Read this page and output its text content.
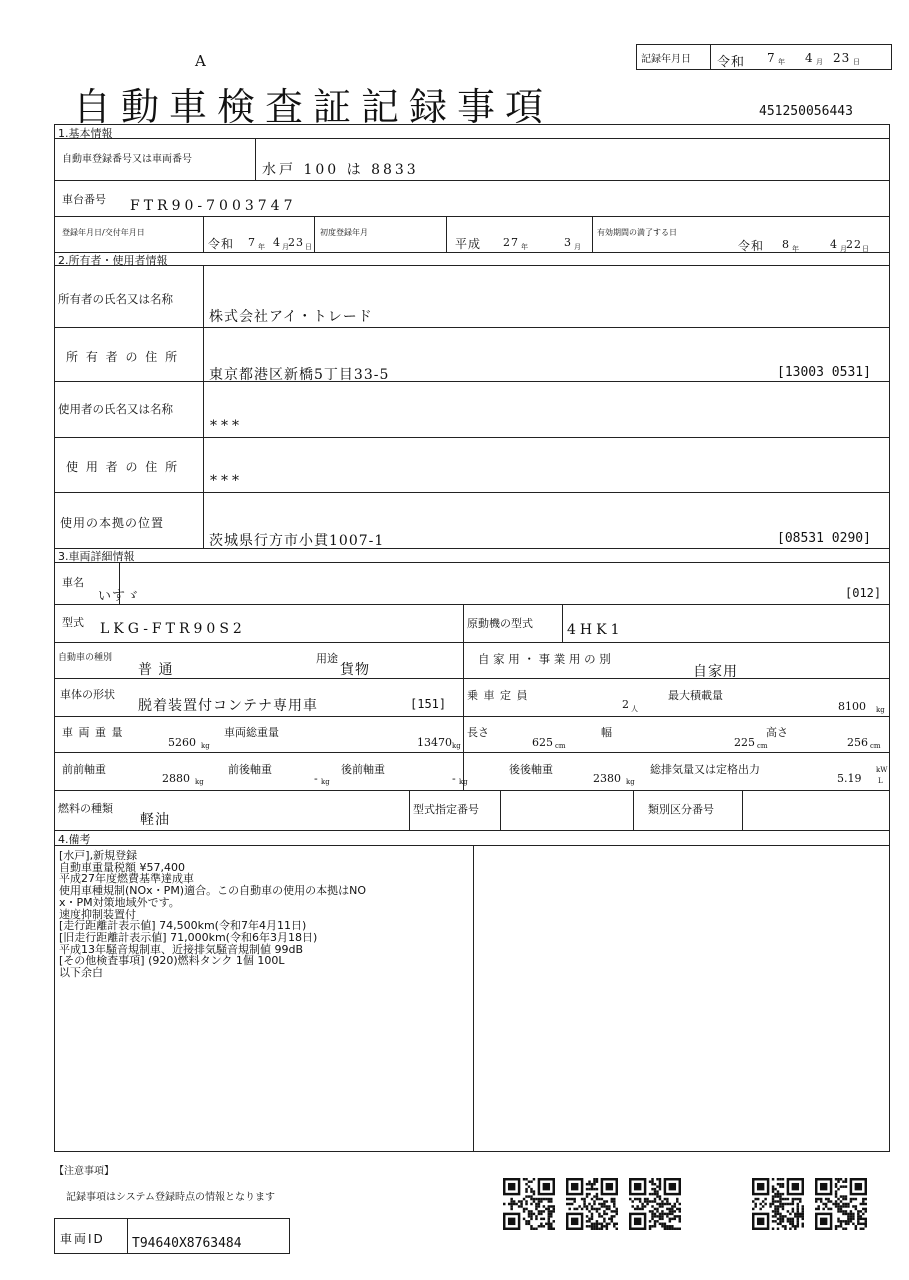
A
自動車検査証記録事項
記録年月日 令和 7 年 4 月 23 日
451250056443
1.基本情報
自動車登録番号又は車両番号
水戸 100 は 8833
車台番号 FTR90-7003747
登録年月日/交付年月日
令和 7 年 4 月 23 日
初度登録年月
平成 27 年	3 月
有効期間の満了する日
令和 8 年	4 月 22 日
2.所有者・使用者情報
所有者の氏名又は名称
株式会社アイ・トレード
所 有 者 の 住 所
東京都港区新橋5丁目33-5	[13003 0531]
使用者の氏名又は名称
***
使 用 者 の 住 所
***
使用の本拠の位置
茨城県行方市小貫1007-1	[08531 0290]
3.車両詳細情報
車名
いすゞ	[012]
型式 LKG-FTR90S2	原動機の型式 4HK1
自動車の種別
普 通
用途
貨物
自 家 用 ・ 事 業 用 の 別
自家用
車体の形状
脱着装置付コンテナ専用車	[151]
乗 車 定 員
2 人
最大積載量
8100 kg
車 両 重 量
5260 kg
車両総重量
13470 kg
長さ
625 cm
幅
225 cm
高さ
256 cm
前前軸重
2880 kg
前後軸重
- kg
後前軸重
- kg
後後軸重
2380 kg
総排気量又は定格出力
5.19
kW
L
燃料の種類
軽油
型式指定番号	類別区分番号
4.備考
[水戸],新規登録
自動車重量税額 ¥57,400
平成27年度燃費基準達成車
使用車種規制(NOx・PM)適合。この自動車の使用の本拠はNO
x・PM対策地域外です。
速度抑制装置付
[走行距離計表示値] 74,500km(令和7年4月11日)
[旧走行距離計表示値] 71,000km(令和6年3月18日)
平成13年騒音規制車、近接排気騒音規制値 99dB
[その他検査事項] (920)燃料タンク 1個 100L
以下余白
【注意事項】
記録事項はシステム登録時点の情報となります
車両ID T94640X8763484
